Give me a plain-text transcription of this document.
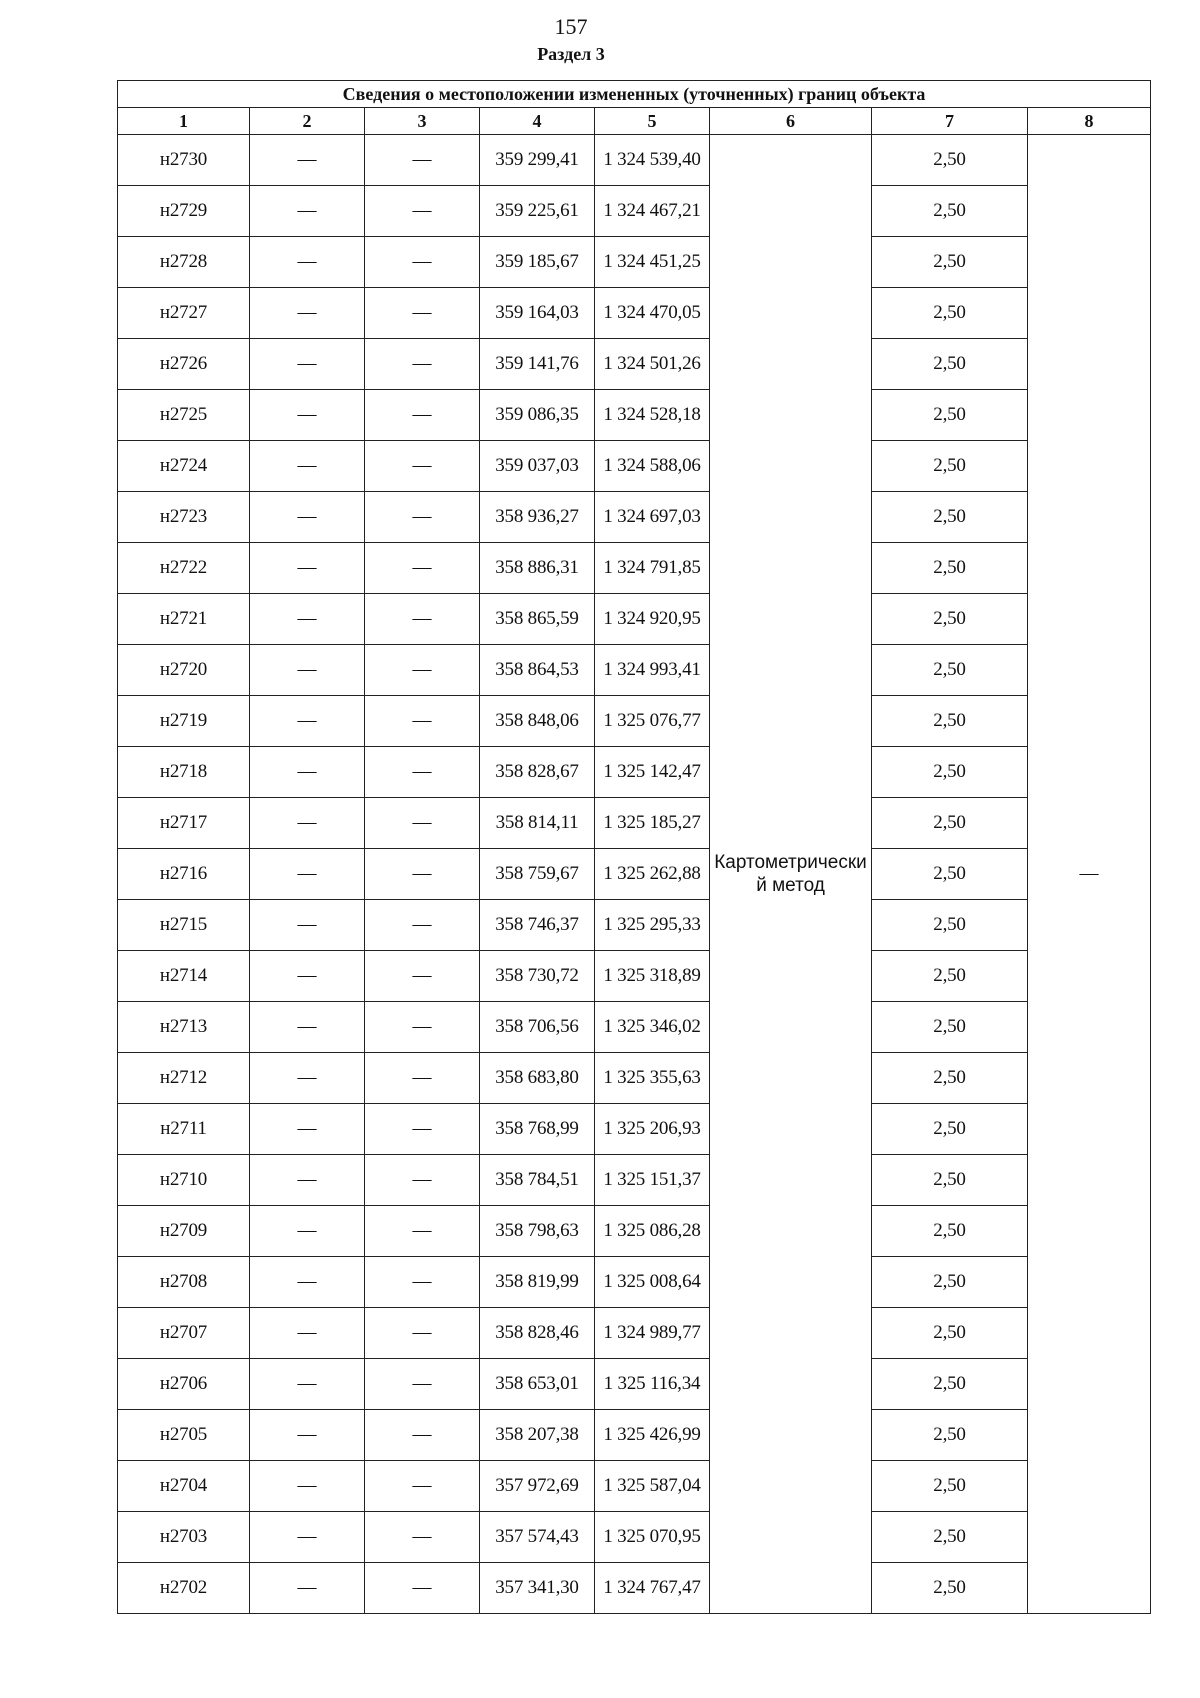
157
Раздел 3
Сведения о местоположении измененных (уточненных) границ объекта							
1	2	3	4	5	6	7	8
н2730	—	—	359 299,41	1 324 539,40	Картометрически й метод	2,50	—
н2729	—	—	359 225,61	1 324 467,21		2,50	
н2728	—	—	359 185,67	1 324 451,25		2,50	
н2727	—	—	359 164,03	1 324 470,05		2,50	
н2726	—	—	359 141,76	1 324 501,26		2,50	
н2725	—	—	359 086,35	1 324 528,18		2,50	
н2724	—	—	359 037,03	1 324 588,06		2,50	
н2723	—	—	358 936,27	1 324 697,03		2,50	
н2722	—	—	358 886,31	1 324 791,85		2,50	
н2721	—	—	358 865,59	1 324 920,95		2,50	
н2720	—	—	358 864,53	1 324 993,41		2,50	
н2719	—	—	358 848,06	1 325 076,77		2,50	
н2718	—	—	358 828,67	1 325 142,47		2,50	
н2717	—	—	358 814,11	1 325 185,27		2,50	
н2716	—	—	358 759,67	1 325 262,88		2,50	
н2715	—	—	358 746,37	1 325 295,33		2,50	
н2714	—	—	358 730,72	1 325 318,89		2,50	
н2713	—	—	358 706,56	1 325 346,02		2,50	
н2712	—	—	358 683,80	1 325 355,63		2,50	
н2711	—	—	358 768,99	1 325 206,93		2,50	
н2710	—	—	358 784,51	1 325 151,37		2,50	
н2709	—	—	358 798,63	1 325 086,28		2,50	
н2708	—	—	358 819,99	1 325 008,64		2,50	
н2707	—	—	358 828,46	1 324 989,77		2,50	
н2706	—	—	358 653,01	1 325 116,34		2,50	
н2705	—	—	358 207,38	1 325 426,99		2,50	
н2704	—	—	357 972,69	1 325 587,04		2,50	
н2703	—	—	357 574,43	1 325 070,95		2,50	
н2702	—	—	357 341,30	1 324 767,47		2,50	
